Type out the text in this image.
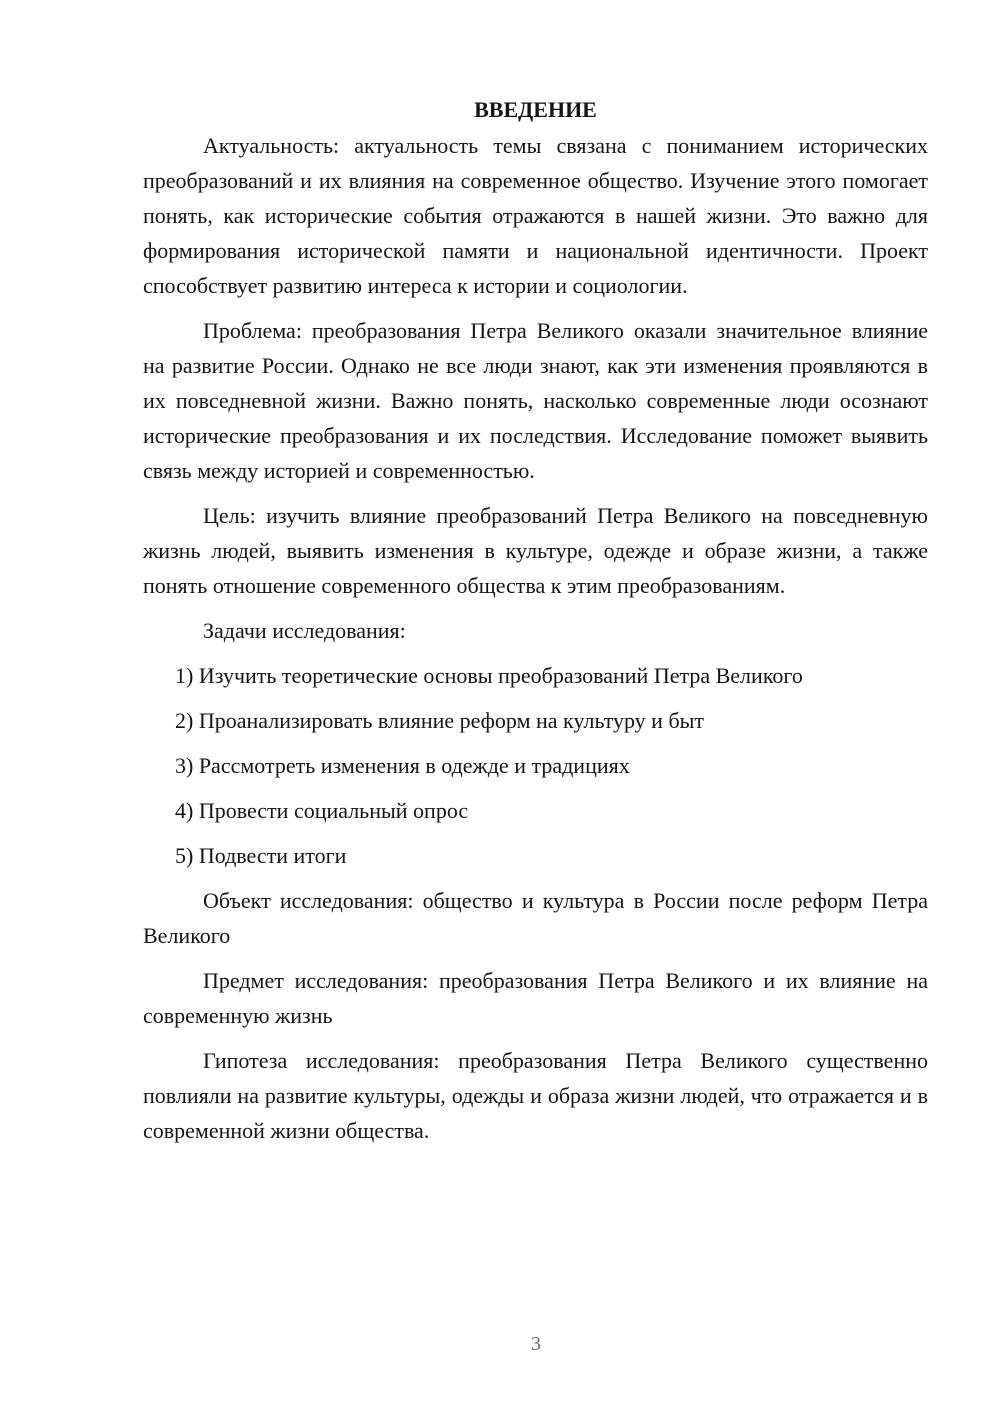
ВВЕДЕНИЕ

Актуальность: актуальность темы связана с пониманием исторических преобразований и их влияния на современное общество. Изучение этого помогает понять, как исторические события отражаются в нашей жизни. Это важно для формирования исторической памяти и национальной идентичности. Проект способствует развитию интереса к истории и социологии.

Проблема: преобразования Петра Великого оказали значительное влияние на развитие России. Однако не все люди знают, как эти изменения проявляются в их повседневной жизни. Важно понять, насколько современные люди осознают исторические преобразования и их последствия. Исследование поможет выявить связь между историей и современностью.

Цель: изучить влияние преобразований Петра Великого на повседневную жизнь людей, выявить изменения в культуре, одежде и образе жизни, а также понять отношение современного общества к этим преобразованиям.

Задачи исследования:

1) Изучить теоретические основы преобразований Петра Великого
2) Проанализировать влияние реформ на культуру и быт
3) Рассмотреть изменения в одежде и традициях
4) Провести социальный опрос
5) Подвести итоги

Объект исследования: общество и культура в России после реформ Петра Великого

Предмет исследования: преобразования Петра Великого и их влияние на современную жизнь

Гипотеза исследования: преобразования Петра Великого существенно повлияли на развитие культуры, одежды и образа жизни людей, что отражается и в современной жизни общества.

3
